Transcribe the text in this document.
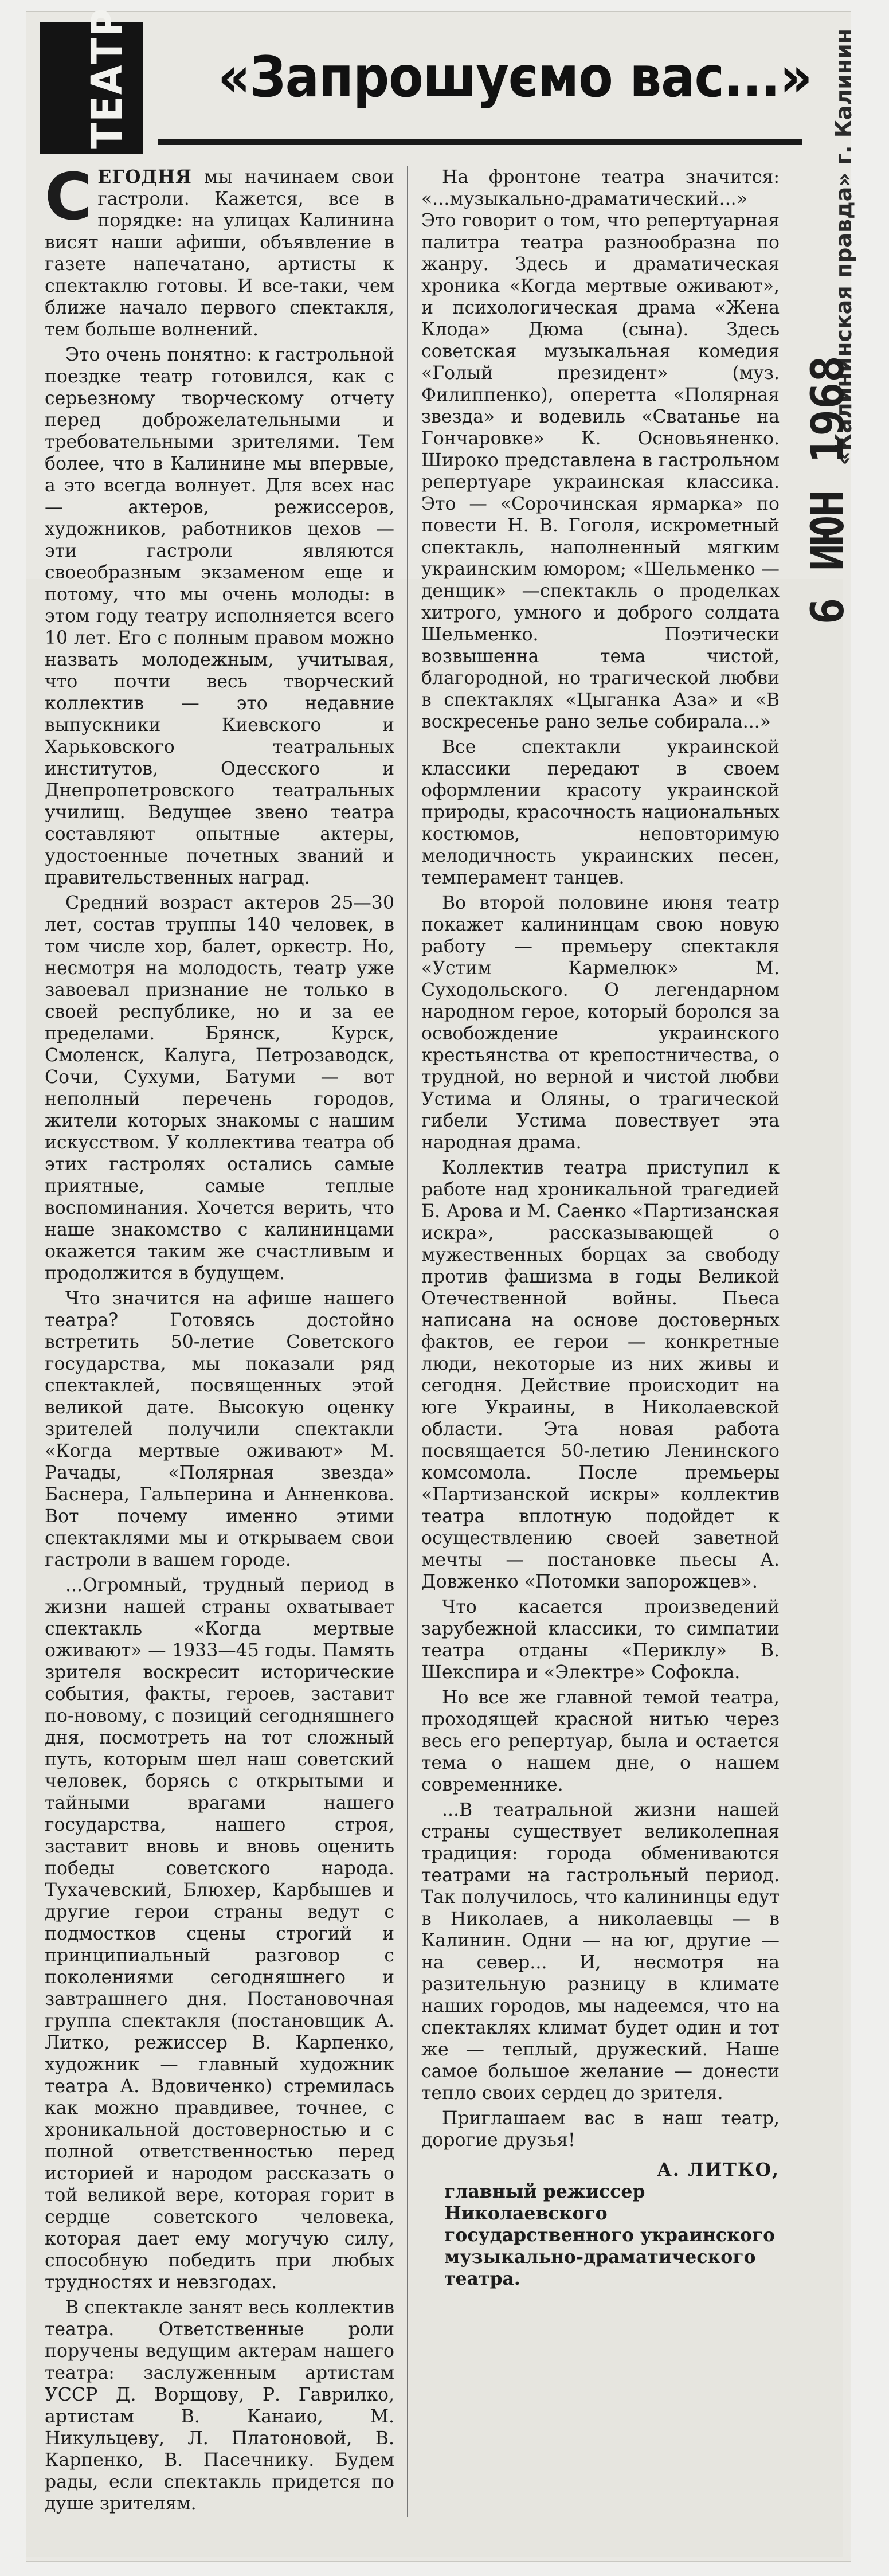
ТЕАТР «Запрошуємо вас...» «Калининская правда» г. Калинин
6 ИЮН 1968

СЕГОДНЯ мы начинаем свои гастроли. Кажется, все в порядке: на улицах Калинина висят наши афиши, объявление в газете напечатано, артисты к спектаклю готовы. И все-таки, чем ближе начало первого спектакля, тем больше волнений.

Это очень понятно: к гастрольной поездке театр готовился, как с серьезному творческому отчету перед доброжелательными и требовательными зрителями. Тем более, что в Калинине мы впервые, а это всегда волнует. Для всех нас — актеров, режиссеров, художников, работников цехов — эти гастроли являются своеобразным экзаменом еще и потому, что мы очень молоды: в этом году театру исполняется всего 10 лет. Его с полным правом можно назвать молодежным, учитывая, что почти весь творческий коллектив — это недавние выпускники Киевского и Харьковского театральных институтов, Одесского и Днепропетровского театральных училищ. Ведущее звено театра составляют опытные актеры, удостоенные почетных званий и правительственных наград.

Средний возраст актеров 25—30 лет, состав труппы 140 человек, в том числе хор, балет, оркестр. Но, несмотря на молодость, театр уже завоевал признание не только в своей республике, но и за ее пределами. Брянск, Курск, Смоленск, Калуга, Петрозаводск, Сочи, Сухуми, Батуми — вот неполный перечень городов, жители которых знакомы с нашим искусством. У коллектива театра об этих гастролях остались самые приятные, самые теплые воспоминания. Хочется верить, что наше знакомство с калининцами окажется таким же счастливым и продолжится в будущем.

Что значится на афише нашего театра? Готовясь достойно встретить 50-летие Советского государства, мы показали ряд спектаклей, посвященных этой великой дате. Высокую оценку зрителей получили спектакли «Когда мертвые оживают» М. Рачады, «Полярная звезда» Баснера, Гальперина и Анненкова. Вот почему именно этими спектаклями мы и открываем свои гастроли в вашем городе.

...Огромный, трудный период в жизни нашей страны охватывает спектакль «Когда мертвые оживают» — 1933—45 годы. Память зрителя воскресит исторические события, факты, героев, заставит по-новому, с позиций сегодняшнего дня, посмотреть на тот сложный путь, которым шел наш советский человек, борясь с открытыми и тайными врагами нашего государства, нашего строя, заставит вновь и вновь оценить победы советского народа. Тухачевский, Блюхер, Карбышев и другие герои страны ведут с подмостков сцены строгий и принципиальный разговор с поколениями сегодняшнего и завтрашнего дня. Постановочная группа спектакля (постановщик А. Литко, режиссер В. Карпенко, художник — главный художник театра А. Вдовиченко) стремилась как можно правдивее, точнее, с хроникальной достоверностью и с полной ответственностью перед историей и народом рассказать о той великой вере, которая горит в сердце советского человека, которая дает ему могучую силу, способную победить при любых трудностях и невзгодах.

В спектакле занят весь коллектив театра. Ответственные роли поручены ведущим актерам нашего театра: заслуженным артистам УССР Д. Ворщову, Р. Гаврилко, артистам В. Канаио, М. Никульцеву, Л. Платоновой, В. Карпенко, В. Пасечнику. Будем рады, если спектакль придется по душе зрителям.

На фронтоне театра значится: «...музыкально-драматический...» Это говорит о том, что репертуарная палитра театра разнообразна по жанру. Здесь и драматическая хроника «Когда мертвые оживают», и психологическая драма «Жена Клода» Дюма (сына). Здесь советская музыкальная комедия «Голый президент» (муз. Филиппенко), оперетта «Полярная звезда» и водевиль «Сватанье на Гончаровке» К. Основьяненко. Широко представлена в гастрольном репертуаре украинская классика. Это — «Сорочинская ярмарка» по повести Н. В. Гоголя, искрометный спектакль, наполненный мягким украинским юмором; «Шельменко — денщик» —спектакль о проделках хитрого, умного и доброго солдата Шельменко. Поэтически возвышенна тема чистой, благородной, но трагической любви в спектаклях «Цыганка Аза» и «В воскресенье рано зелье собирала...»

Все спектакли украинской классики передают в своем оформлении красоту украинской природы, красочность национальных костюмов, неповторимую мелодичность украинских песен, темперамент танцев.

Во второй половине июня театр покажет калининцам свою новую работу — премьеру спектакля «Устим Кармелюк» М. Суходольского. О легендарном народном герое, который боролся за освобождение украинского крестьянства от крепостничества, о трудной, но верной и чистой любви Устима и Оляны, о трагической гибели Устима повествует эта народная драма.

Коллектив театра приступил к работе над хроникальной трагедией Б. Арова и М. Саенко «Партизанская искра», рассказывающей о мужественных борцах за свободу против фашизма в годы Великой Отечественной войны. Пьеса написана на основе достоверных фактов, ее герои — конкретные люди, некоторые из них живы и сегодня. Действие происходит на юге Украины, в Николаевской области. Эта новая работа посвящается 50-летию Ленинского комсомола. После премьеры «Партизанской искры» коллектив театра вплотную подойдет к осуществлению своей заветной мечты — постановке пьесы А. Довженко «Потомки запорожцев».

Что касается произведений зарубежной классики, то симпатии театра отданы «Периклу» В. Шекспира и «Электре» Софокла.

Но все же главной темой театра, проходящей красной нитью через весь его репертуар, была и остается тема о нашем дне, о нашем современнике.

...В театральной жизни нашей страны существует великолепная традиция: города обмениваются театрами на гастрольный период. Так получилось, что калининцы едут в Николаев, а николаевцы — в Калинин. Одни — на юг, другие — на север... И, несмотря на разительную разницу в климате наших городов, мы надеемся, что на спектаклях климат будет один и тот же — теплый, дружеский. Наше самое большое желание — донести тепло своих сердец до зрителя.

Приглашаем вас в наш театр, дорогие друзья!

А. ЛИТКО,
главный режиссер Николаевского государственного украинского музыкально-драматического театра.
